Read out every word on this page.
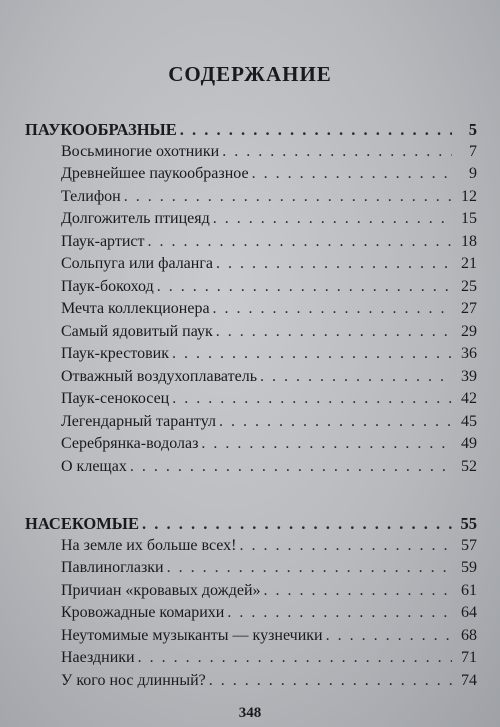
СОДЕРЖАНИЕ
ПАУКООБРАЗНЫЕ . . .	5
Восьминогие охотники . . .	7
Древнейшее паукообразное . . .	9
Телифон . . .	12
Долгожитель птицеяд . . .	15
Паук-артист . . .	18
Сольпуга или фаланга . . .	21
Паук-бокоход . . .	25
Мечта коллекционера . . .	27
Самый ядовитый паук . . .	29
Паук-крестовик . . .	36
Отважный воздухоплаватель . . .	39
Паук-сенокосец . . .	42
Легендарный тарантул . . .	45
Серебрянка-водолаз . . .	49
О клещах . . .	52
НАСЕКОМЫЕ . . .	55
На земле их больше всех! . . .	57
Павлиноглазки . . .	59
Причиан «кровавых дождей» . . .	61
Кровожадные комарихи . . .	64
Неутомимые музыканты — кузнечики . . .	68
Наездники . . .	71
У кого нос длинный? . . .	74
348
